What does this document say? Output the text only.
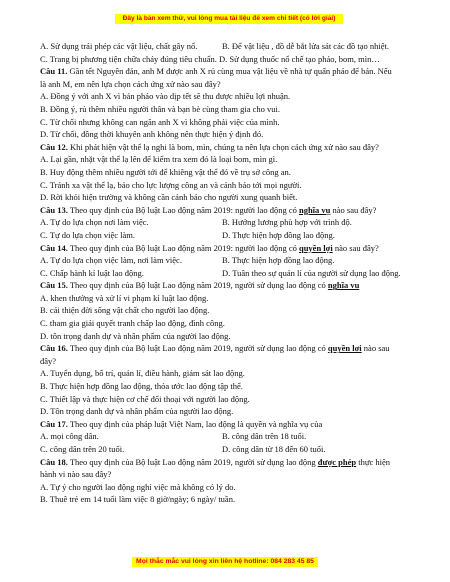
Đây là bản xem thử, vui lòng mua tài liệu để xem chi tiết (có lời giải)
A. Sử dụng trái phép các vật liệu, chất gây nổ.	B. Để vật liệu , đồ dễ bắt lửa sát các đồ tạo nhiệt.
C. Trang bị phương tiện chữa cháy đúng tiêu chuẩn. D. Sử dụng thuốc nổ chế tạo pháo, bom, mìn…
Câu 11. Gần tết Nguyên đán, anh M được anh X rủ cùng mua vật liệu về nhà tự quấn pháo để bán. Nếu
là anh M, em nên lựa chọn cách ứng xử nào sau đây?
A. Đồng ý với anh X vì bán pháo vào dịp tết sẽ thu được nhiều lợi nhuận.
B. Đồng ý, rủ thêm nhiều người thân và bạn bè cùng tham gia cho vui.
C. Từ chối nhưng không can ngăn anh X vì không phải việc của mình.
D. Từ chối, đồng thời khuyên anh không nên thực hiện ý định đó.
Câu 12. Khi phát hiện vật thể lạ nghi là bom, mìn, chúng ta nên lựa chọn cách ứng xử nào sau đây?
A. Lại gần, nhặt vật thể lạ lên để kiểm tra xem đó là loại bom, mìn gì.
B. Huy động thêm nhiều người tới để khiêng vật thể đó về trụ sở công an.
C. Tránh xa vật thể lạ, báo cho lực lượng công an và cảnh báo tới mọi người.
D. Rời khỏi hiện trường và không cần cảnh báo cho người xung quanh biết.
Câu 13. Theo quy định của Bộ luật Lao động năm 2019: người lao động có nghĩa vụ nào sau đây?
A. Tự do lựa chọn nơi làm việc.	B. Hưởng lương phù hợp với trình độ.
C. Tự do lựa chọn việc làm.	D. Thực hiện hợp đồng lao động.
Câu 14. Theo quy định của Bộ luật Lao động năm 2019: người lao động có quyền lợi nào sau đây?
A. Tự do lựa chọn việc làm, nơi làm việc.	B. Thực hiện hợp đồng lao động.
C. Chấp hành kỉ luật lao động.	D. Tuân theo sự quản lí của người sử dụng lao động.
Câu 15. Theo quy định của Bộ luật Lao động năm 2019, người sử dụng lao động có nghĩa vụ
A. khen thưởng và xử lí vi phạm kỉ luật lao động.
B. cải thiện đời sống vật chất cho người lao động.
C. tham gia giải quyết tranh chấp lao động, đình công.
D. tôn trọng danh dự và nhân phẩm của người lao động.
Câu 16. Theo quy định của Bộ luật Lao động năm 2019, người sử dụng lao động có quyền lợi nào sau
đây?
A. Tuyển dụng, bố trí, quản lí, điều hành, giám sát lao động.
B. Thực hiện hợp đồng lao động, thỏa ước lao động tập thể.
C. Thiết lập và thực hiện cơ chế đối thoại với người lao động.
D. Tôn trọng danh dự và nhân phẩm của người lao động.
Câu 17. Theo quy định của pháp luật Việt Nam, lao động là quyền và nghĩa vụ của
A. mọi công dân.	B. công dân trên 18 tuổi.
C. công dân trên 20 tuổi.	D. công dân từ 18 đến 60 tuổi.
Câu 18. Theo quy định của Bộ luật Lao động năm 2019, người sử dụng lao động được phép thực hiện
hành vi nào sau đây?
A. Tự ý cho người lao động nghỉ việc mà không có lý do.
B. Thuê trẻ em 14 tuổi làm việc 8 giờ/ngày; 6 ngày/ tuần.
Mọi thắc mắc vui lòng xin liên hệ hotline: 084 283 45 85
